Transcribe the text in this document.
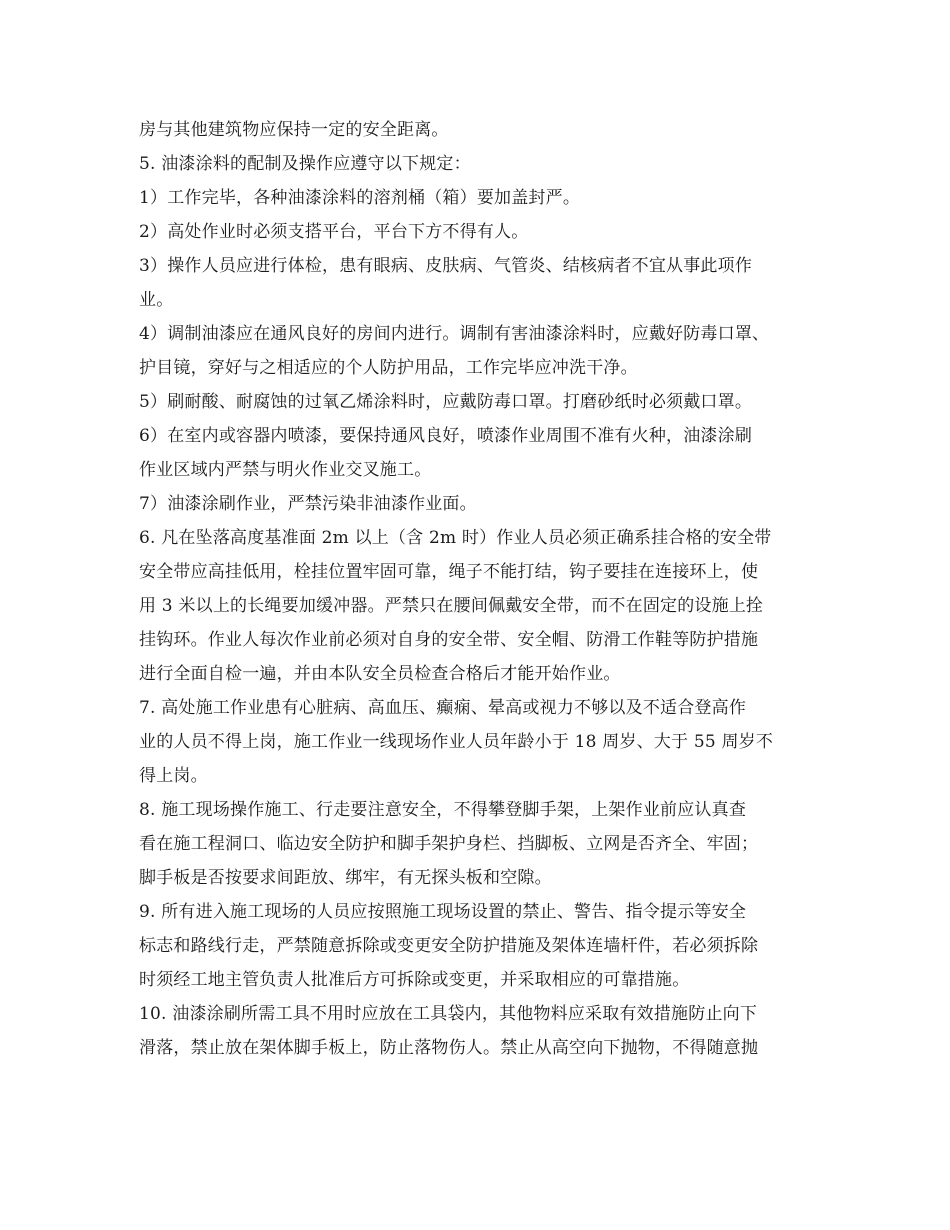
房与其他建筑物应保持一定的安全距离。
5. 油漆涂料的配制及操作应遵守以下规定：
1）工作完毕，各种油漆涂料的溶剂桶（箱）要加盖封严。
2）高处作业时必须支搭平台，平台下方不得有人。
3）操作人员应进行体检，患有眼病、皮肤病、气管炎、结核病者不宜从事此项作
业。
4）调制油漆应在通风良好的房间内进行。调制有害油漆涂料时，应戴好防毒口罩、
护目镜，穿好与之相适应的个人防护用品，工作完毕应冲洗干净。
5）刷耐酸、耐腐蚀的过氧乙烯涂料时，应戴防毒口罩。打磨砂纸时必须戴口罩。
6）在室内或容器内喷漆，要保持通风良好，喷漆作业周围不准有火种，油漆涂刷
作业区域内严禁与明火作业交叉施工。
7）油漆涂刷作业，严禁污染非油漆作业面。
6. 凡在坠落高度基准面 2m 以上（含 2m 时）作业人员必须正确系挂合格的安全带
安全带应高挂低用，栓挂位置牢固可靠，绳子不能打结，钩子要挂在连接环上，使
用 3 米以上的长绳要加缓冲器。严禁只在腰间佩戴安全带，而不在固定的设施上拴
挂钩环。作业人每次作业前必须对自身的安全带、安全帽、防滑工作鞋等防护措施
进行全面自检一遍，并由本队安全员检查合格后才能开始作业。
7. 高处施工作业患有心脏病、高血压、癫痫、晕高或视力不够以及不适合登高作
业的人员不得上岗，施工作业一线现场作业人员年龄小于 18 周岁、大于 55 周岁不
得上岗。
8. 施工现场操作施工、行走要注意安全，不得攀登脚手架，上架作业前应认真查
看在施工程洞口、临边安全防护和脚手架护身栏、挡脚板、立网是否齐全、牢固；
脚手板是否按要求间距放、绑牢，有无探头板和空隙。
9. 所有进入施工现场的人员应按照施工现场设置的禁止、警告、指令提示等安全
标志和路线行走，严禁随意拆除或变更安全防护措施及架体连墙杆件，若必须拆除
时须经工地主管负责人批准后方可拆除或变更，并采取相应的可靠措施。
10. 油漆涂刷所需工具不用时应放在工具袋内，其他物料应采取有效措施防止向下
滑落，禁止放在架体脚手板上，防止落物伤人。禁止从高空向下抛物，不得随意抛
